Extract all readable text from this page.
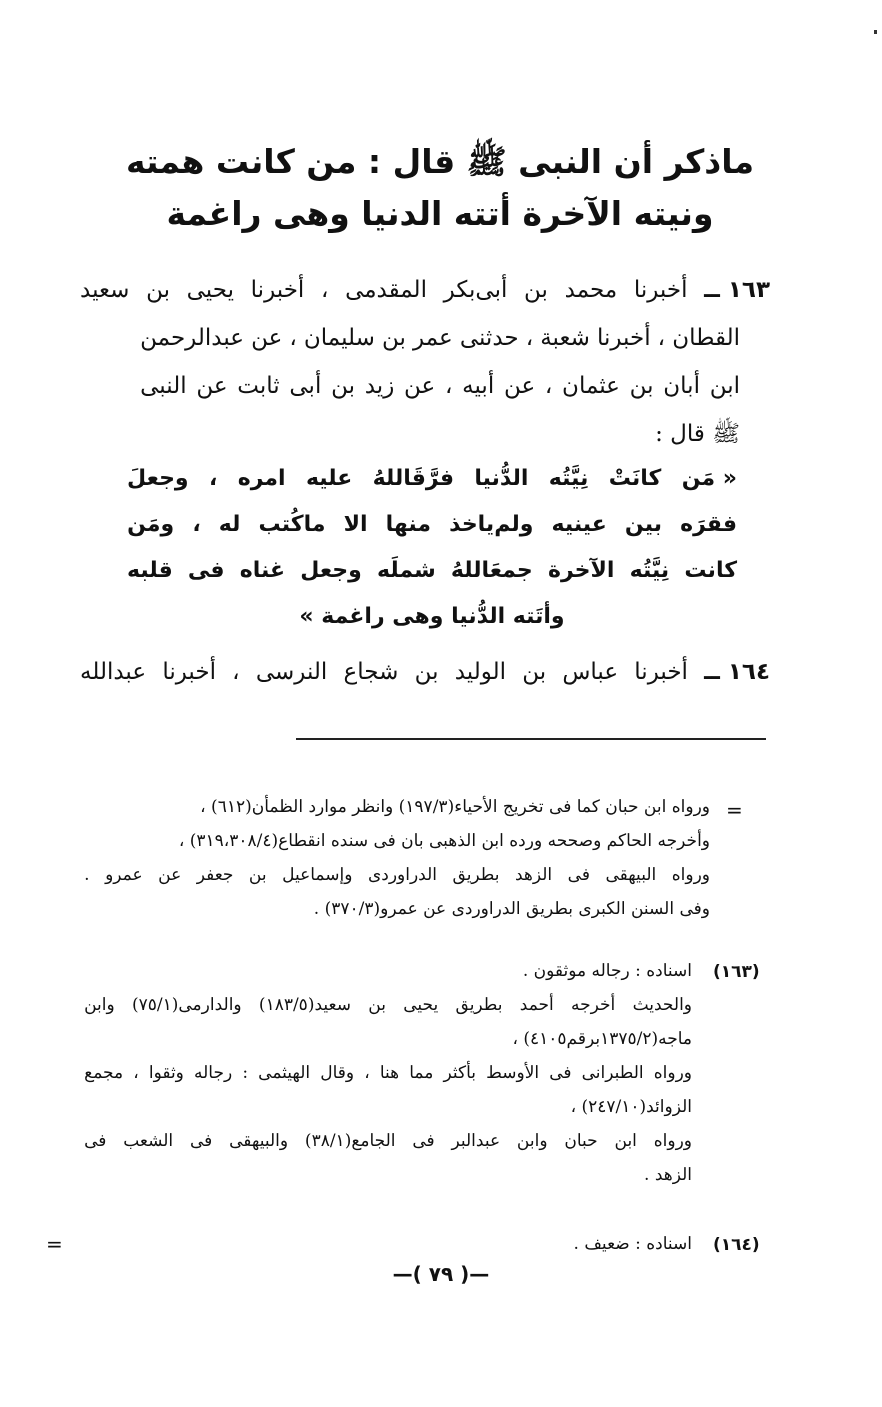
ماذكر أن النبى ﷺ قال : من كانت همته
ونيته الآخرة أتته الدنيا وهى راغمة
١٦٣ ــ
أخبرنا
محمد
بن
أبى‌بكر
المقدمى
،
أخبرنا
يحيى
بن
سعيد
القطان
،
أخبرنا
شعبة
،
حدثنى
عمر
بن
سليمان
،
عن
عبدالرحمن
ابن
أبان
بن
عثمان
،
عن
أبيه
،
عن
زيد
بن
أبى
ثابت
عن
النبى
ﷺ قال :
« مَن
كانَتْ
نِيَّتُه
الدُّنيا
فرَّقَاللهُ
عليه
امره
،
وجعلَ
فقرَه
بين
عينيه
ولم‌ياخذ
منها
الا
ماكُتب
له
،
ومَن
كانت
نِيَّتُه
الآخرة
جمعَاللهُ
شملَه
وجعل
غناه
فى
قلبه
وأتَته الدُّنيا وهى راغمة »
١٦٤ ــ
أخبرنا
عباس
بن
الوليد
بن
شجاع
النرسى
،
أخبرنا
عبدالله
=
ورواه ابن حبان كما فى تخريج الأحياء(١٩٧/٣) وانظر موارد الظمأن(٦١٢) ،
وأخرجه الحاكم وصححه ورده ابن الذهبى بان فى سنده انقطاع(٣١٩،٣٠٨/٤) ،
ورواه
البيهقى
فى
الزهد
بطريق
الدراوردى
وإسماعيل
بن
جعفر
عن
عمرو
.
وفى السنن الكبرى بطريق الدراوردى عن عمرو(٣٧٠/٣) .
(١٦٣)
اسناده : رجاله موثقون .
والحديث
أخرجه
أحمد
بطريق
يحيى
بن
سعيد(١٨٣/٥)
والدارمى(٧٥/١)
وابن
ماجه(١٣٧٥/٢برقم٤١٠٥) ،
ورواه
الطبرانى
فى
الأوسط
بأكثر
مما
هنا
،
وقال
الهيثمى
:
رجاله
وثقوا
،
مجمع
الزوائد(٢٤٧/١٠) ،
ورواه
ابن
حبان
وابن
عبدالبر
فى
الجامع(٣٨/١)
والبيهقى
فى
الشعب
فى
الزهد .
(١٦٤)
اسناده : ضعيف .
=
—( ٧٩ )—
